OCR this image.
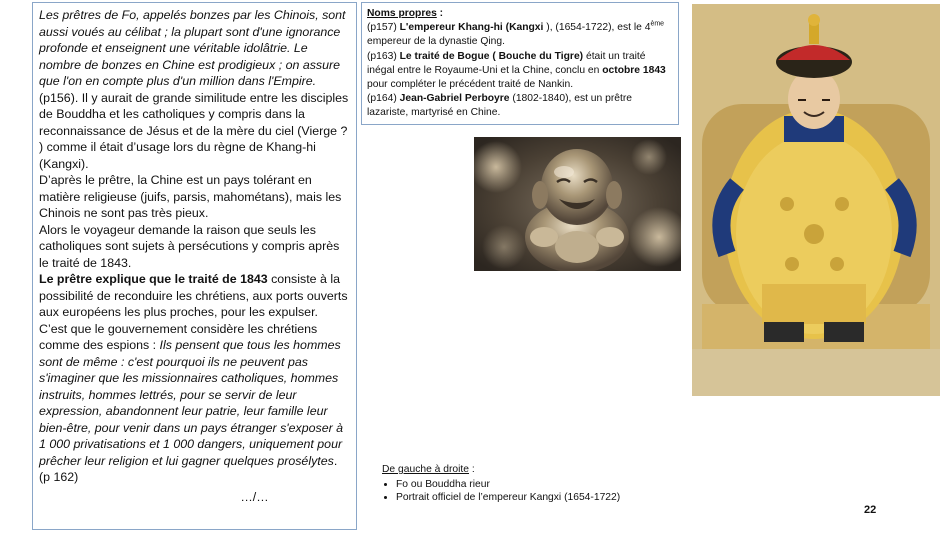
Les prêtres de Fo, appelés bonzes par les Chinois, sont aussi voués au célibat ; la plupart sont d'une ignorance profonde et enseignent une véritable idolâtrie. Le nombre de bonzes en Chine est prodigieux ; on assure que l'on en compte plus d'un million dans l'Empire. (p156). Il y aurait de grande similitude entre les disciples de Bouddha et les catholiques y compris dans la reconnaissance de Jésus et de la mère du ciel (Vierge ? ) comme il était d’usage lors du règne de Khang-hi (Kangxi).

D’après le prêtre, la Chine est un pays tolérant en matière religieuse (juifs, parsis, mahométans), mais les Chinois ne sont pas très pieux.

Alors le voyageur demande la raison que seuls les catholiques sont sujets à persécutions y compris après le traité de 1843.

Le prêtre explique que le traité de 1843 consiste à la possibilité de reconduire les chrétiens, aux ports ouverts aux européens les plus proches, pour les expulser.

C’est que le gouvernement considère les chrétiens comme des espions : Ils pensent que tous les hommes sont de même : c'est pourquoi ils ne peuvent pas s'imaginer que les missionnaires catholiques, hommes instruits, hommes lettrés, pour se servir de leur expression, abandonnent leur patrie, leur famille leur bien-être, pour venir dans un pays étranger s'exposer à 1 000 privatisations et 1 000 dangers, uniquement pour prêcher leur religion et lui gagner quelques prosélytes. (p 162)

…/…

Noms propres :

(p157) L'empereur Khang-hi (Kangxi ), (1654-1722), est le 4ème empereur de la dynastie Qing.

(p163) Le traité de Bogue ( Bouche du Tigre) était un traité inégal entre le Royaume-Uni et la Chine, conclu en octobre 1843 pour compléter le précédent traité de Nankin.

(p164) Jean-Gabriel Perboyre (1802-1840), est un prêtre lazariste, martyrisé en Chine.

De gauche à droite :
• Fo ou Bouddha rieur
• Portrait officiel de l’empereur Kangxi (1654-1722)
22
